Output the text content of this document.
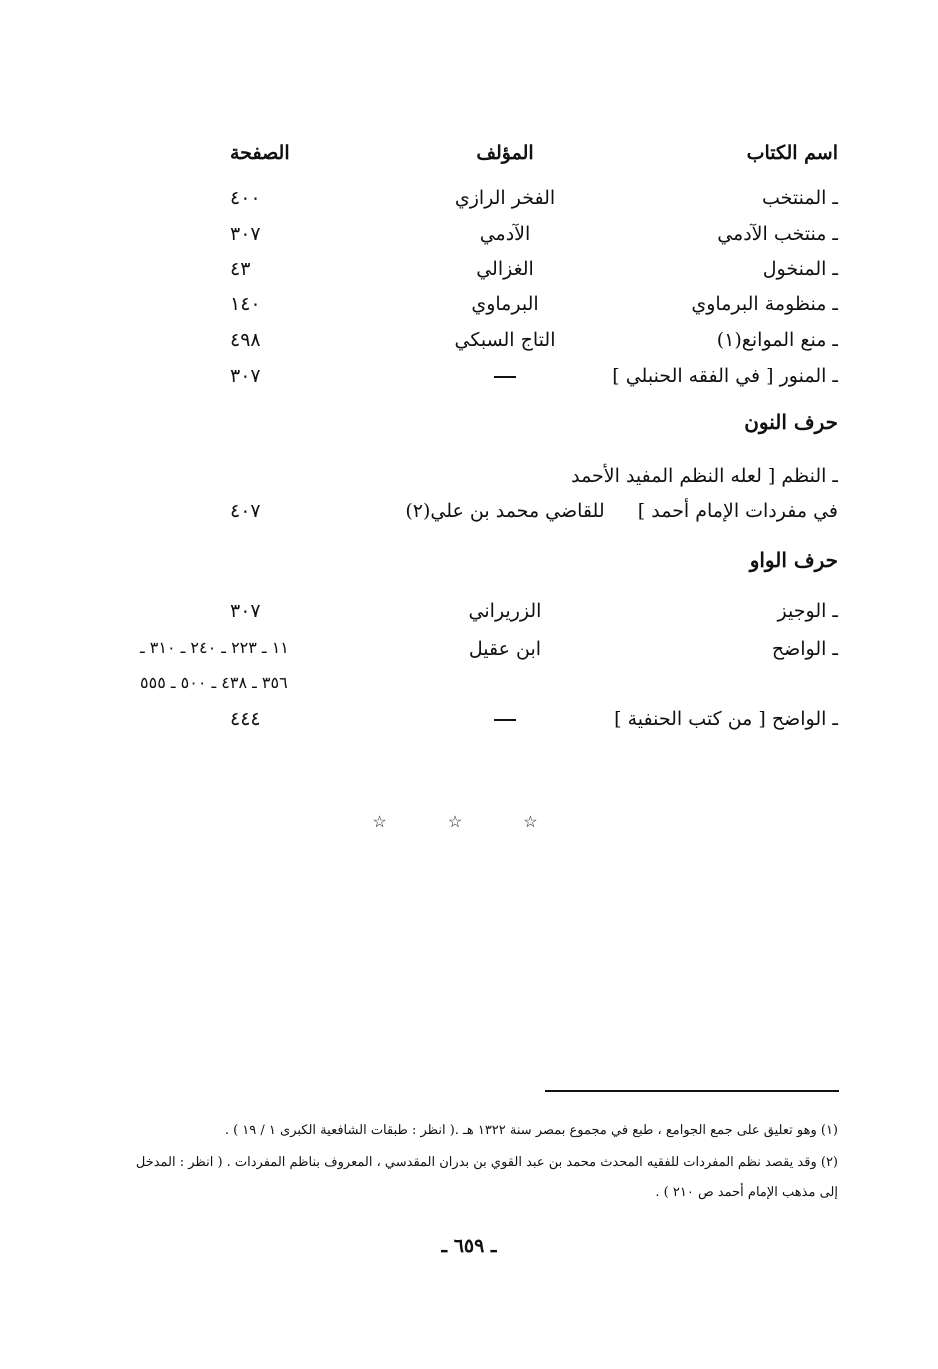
اسم الكتاب
المؤلف
الصفحة
ـ المنتخب
الفخر الرازي
٤٠٠
ـ منتخب الآدمي
الآدمي
٣٠٧
ـ المنخول
الغزالي
٤٣
ـ منظومة البرماوي
البرماوي
١٤٠
ـ منع الموانع(١)
التاج السبكي
٤٩٨
ـ المنور [ في الفقه الحنبلي ]
٣٠٧
حرف النون
ـ النظم [ لعله النظم المفيد الأحمد
في مفردات الإمام أحمد ]
للقاضي محمد بن علي(٢)
٤٠٧
حرف الواو
ـ الوجيز
الزريراني
٣٠٧
ـ الواضح
ابن عقيل
١١ ـ ٢٢٣ ـ ٢٤٠ ـ ٣١٠ ـ
٣٥٦ ـ ٤٣٨ ـ ٥٠٠ ـ ٥٥٥
ـ الواضح [ من كتب الحنفية ]
٤٤٤
☆ ☆ ☆
(١) وهو تعليق على جمع الجوامع ، طبع في مجموع بمصر سنة ١٣٢٢ هـ .( انظر : طبقات الشافعية الكبرى ١ / ١٩ ) .
(٢) وقد يقصد نظم المفردات للفقيه المحدث محمد بن عبد القوي بن بدران المقدسي ، المعروف بناظم المفردات . ( انظر : المدخل
إلى مذهب الإمام أحمد ص ٢١٠ ) .
ـ ٦٥٩ ـ
